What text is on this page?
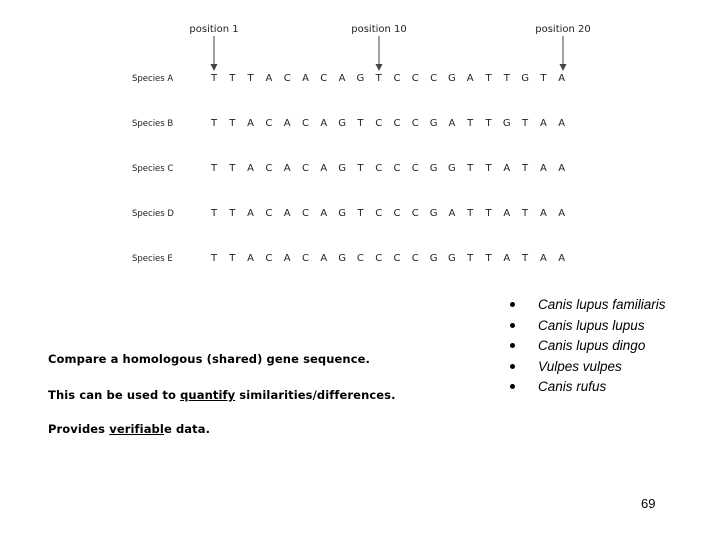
position 1	position 10	position 20
Species A	T T T A C A C A G T C C C G A T T G T A
Species B	T T A C A C A G T C C C G A T T G T A A
Species C	T T A C A C A G T C C C G G T T A T A A
Species D	T T A C A C A G T C C C G A T T A T A A
Species E	T T A C A C A G C C C C G G T T A T A A
Compare a homologous (shared) gene sequence.
This can be used to quantify similarities/differences.
Provides verifiable data.
Canis lupus familiaris
Canis lupus lupus
Canis lupus dingo
Vulpes vulpes
Canis rufus
69
